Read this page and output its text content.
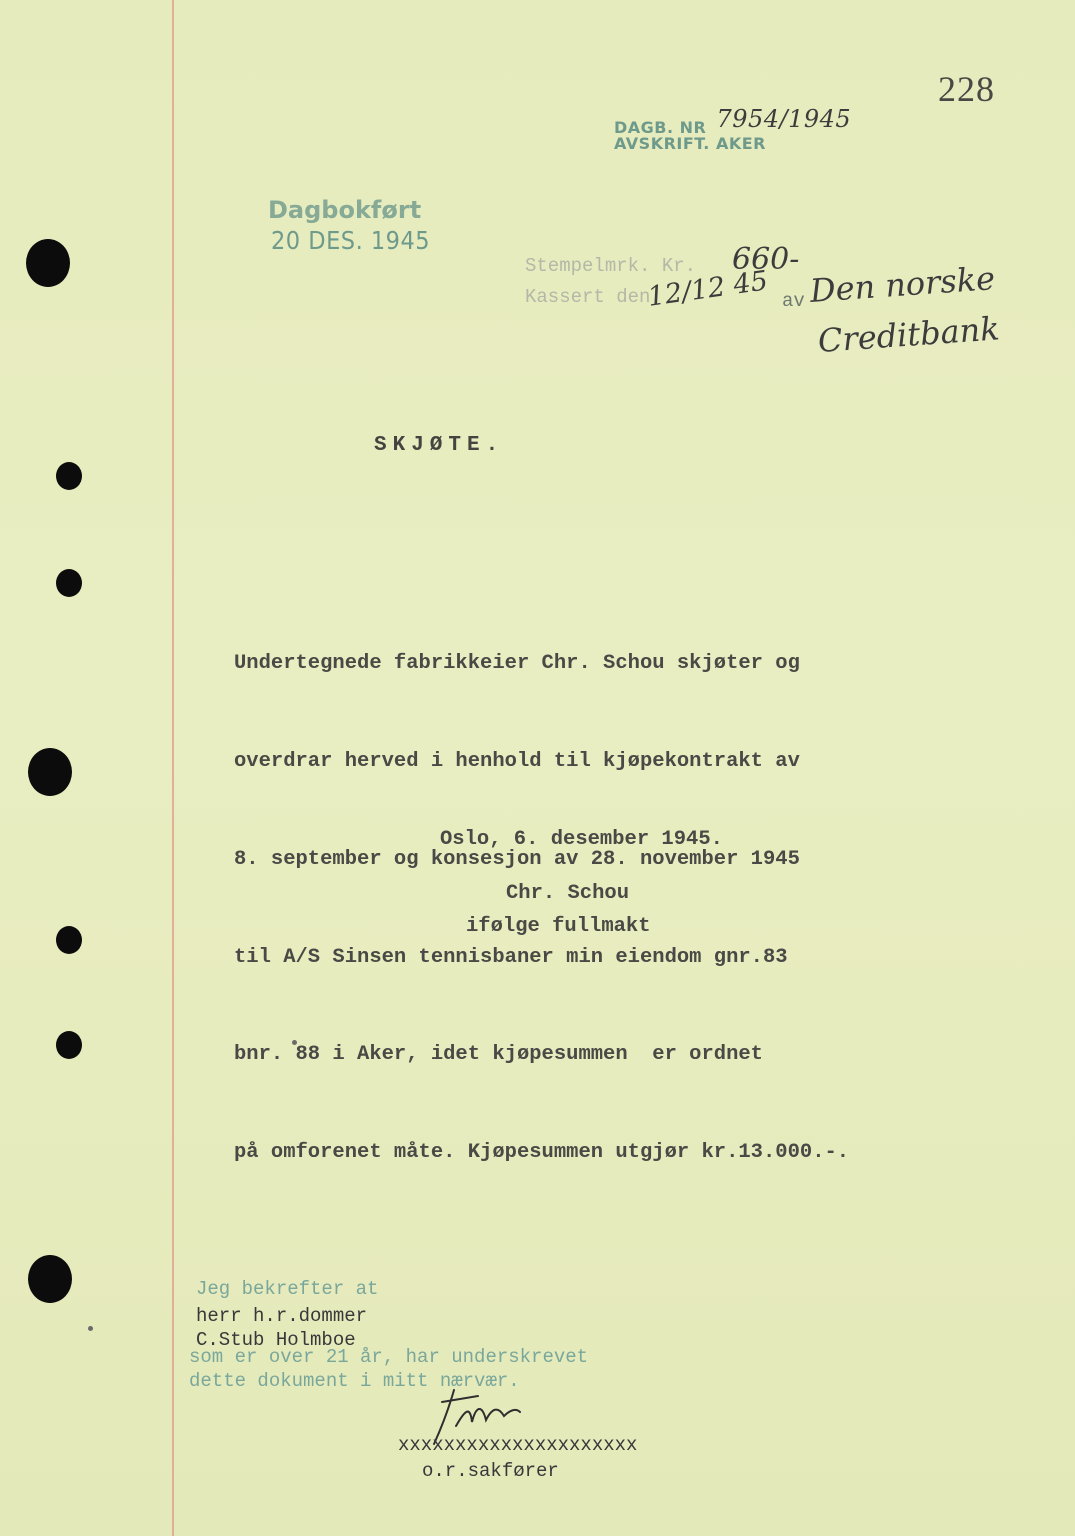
228
DAGB. NR 7954/1945
AVSKRIFT. AKER
Dagbokført
20 DES. 1945
Stempelmrk. Kr. 660-
Kassert den
12/12 45 av Den norske
Creditbank
SKJØTE.

Undertegnede fabrikkeier Chr. Schou skjøter og

overdrar herved i henhold til kjøpekontrakt av

8. september og konsesjon av 28. november 1945

til A/S Sinsen tennisbaner min eiendom gnr.83

bnr. 88 i Aker, idet kjøpesummen  er ordnet

på omforenet måte. Kjøpesummen utgjør kr.13.000.-.

Oslo, 6. desember 1945.
Chr. Schou
ifølge fullmakt
Jeg bekrefter at
herr h.r.dommer
C.Stub Holmboe
som er over 21 år, har underskrevet
dette dokument i mitt nærvær.
xxxxxxxxxxxxxxxxxxxxx
o.r.sakfører
